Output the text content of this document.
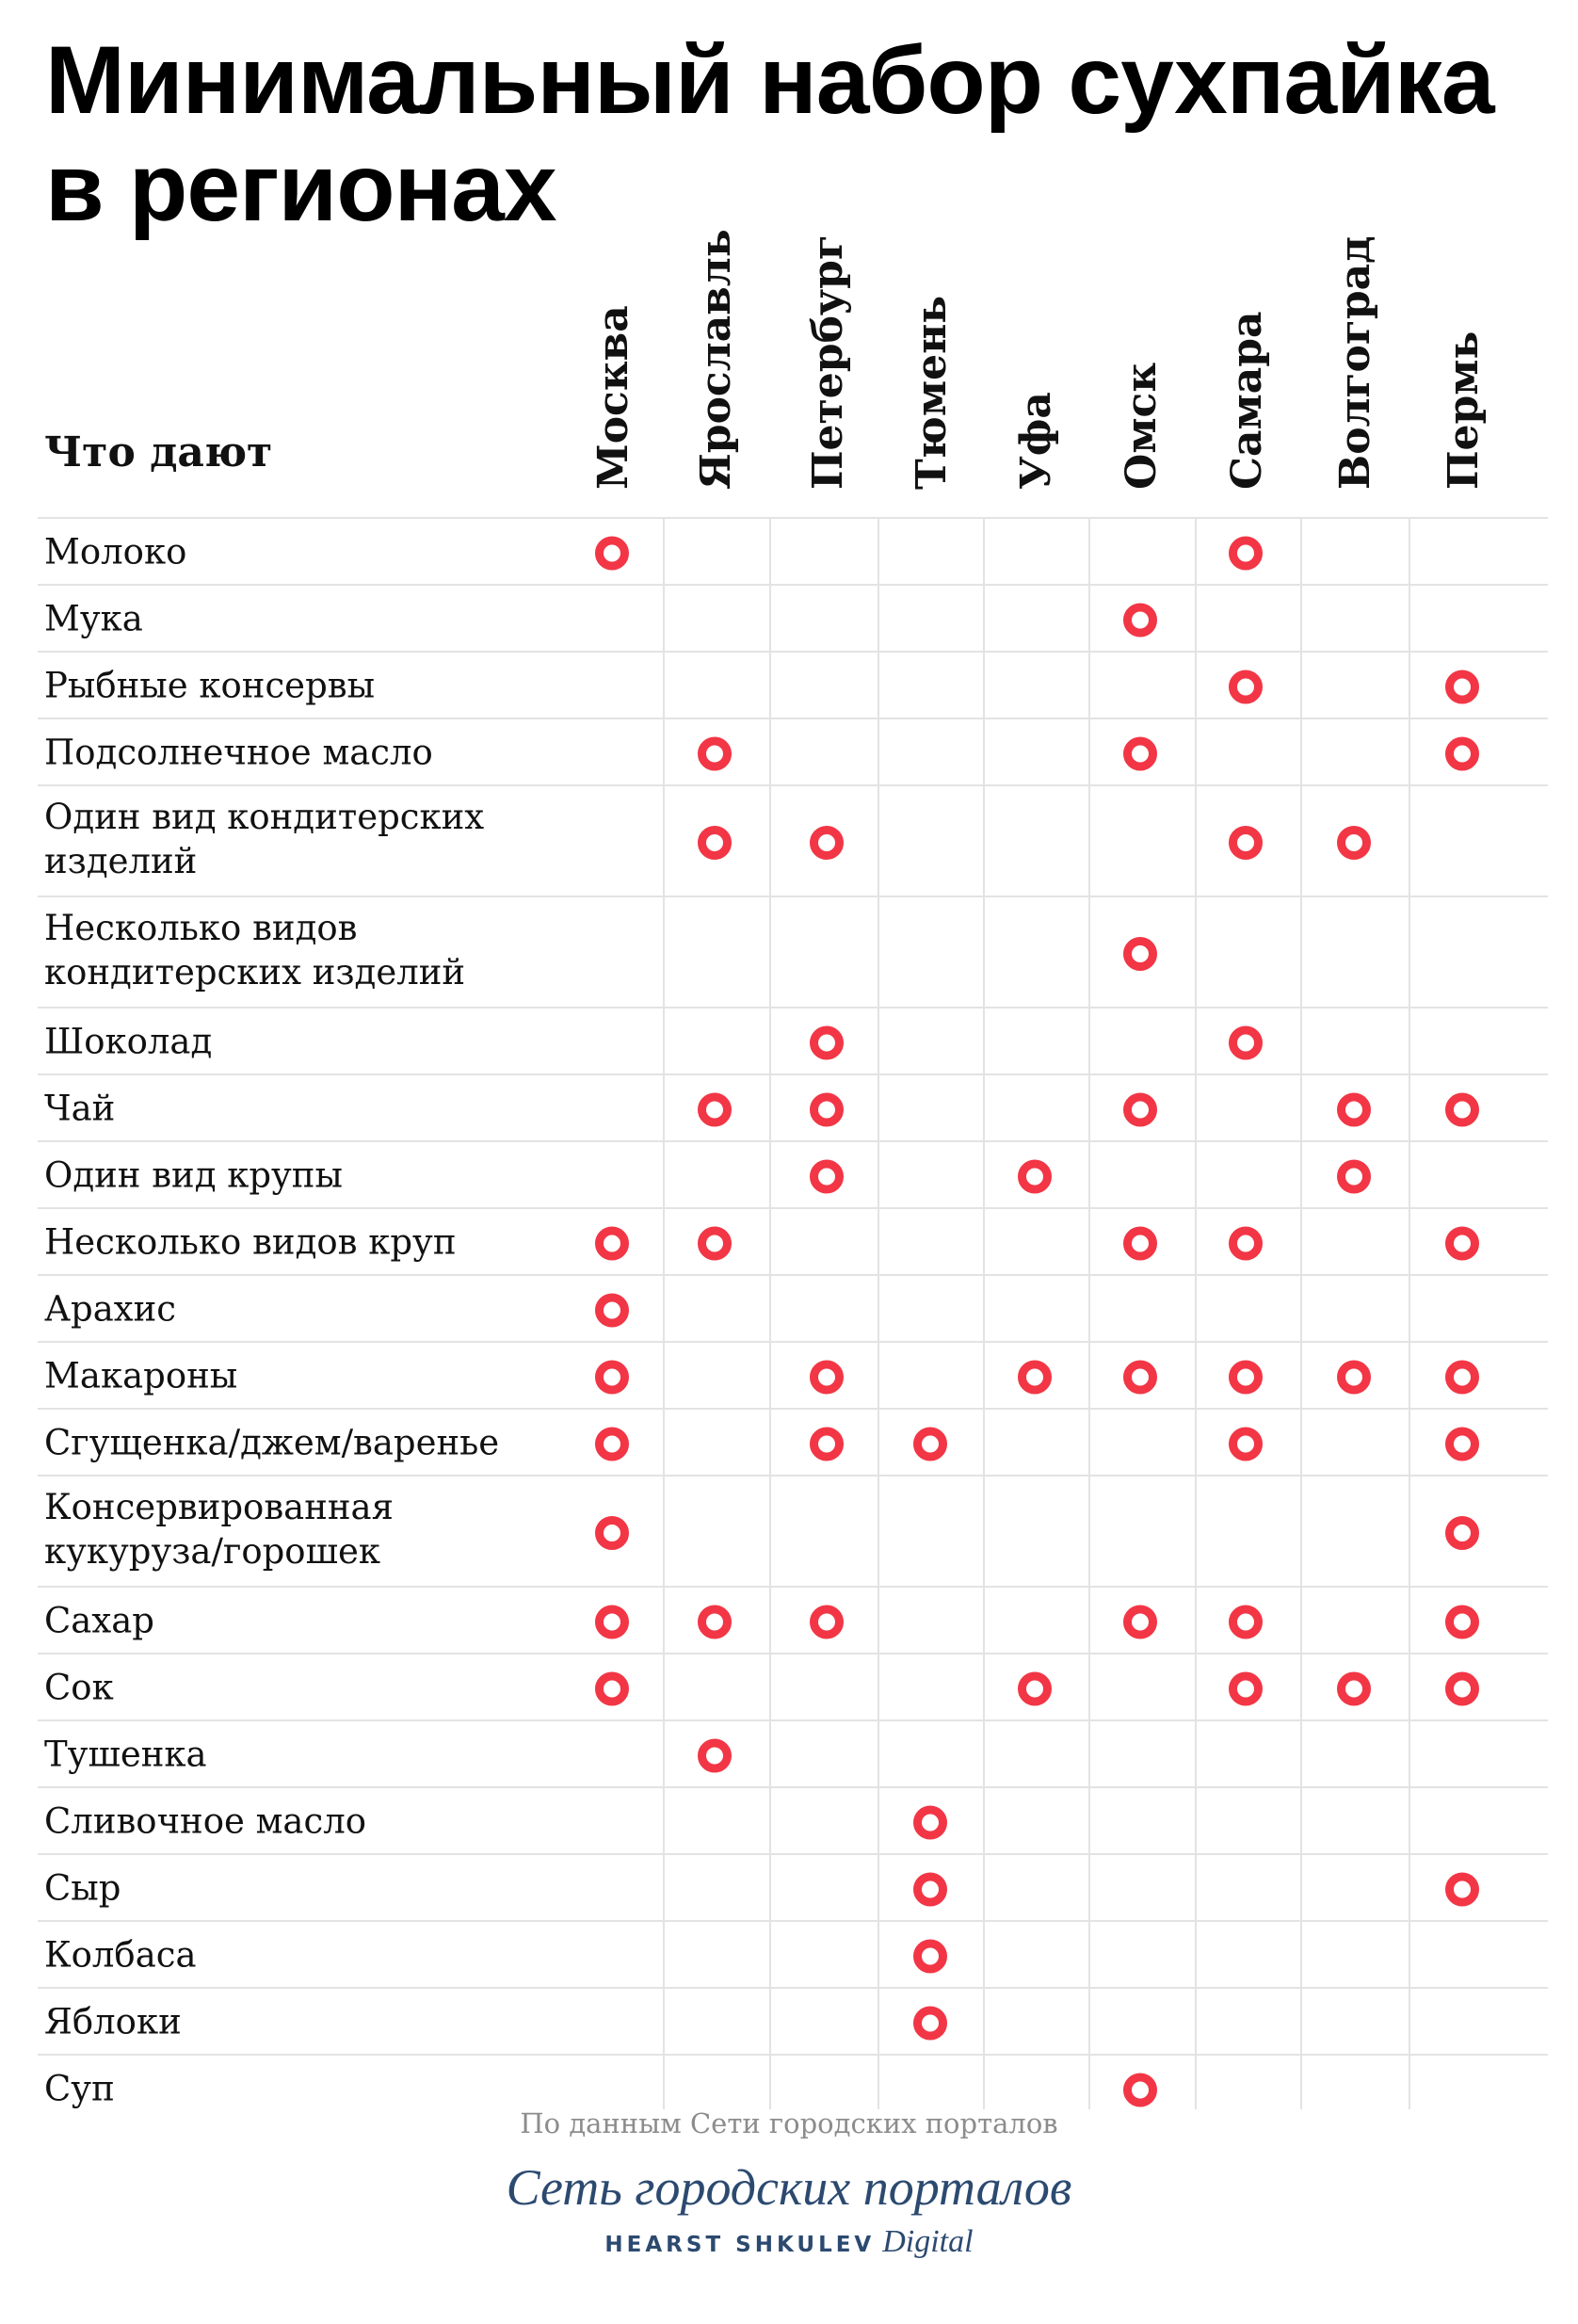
Минимальный набор сухпайка
в регионах
Что дают	Москва Ярославль Петербург Тюмень Уфа Омск Самара Волгоград Пермь
Молоко
Мука
Рыбные консервы
Подсолнечное масло
Один вид кондитерских изделий
Несколько видов кондитерских изделий
Шоколад
Чай
Один вид крупы
Несколько видов круп
Арахис
Макароны
Сгущенка/джем/варенье
Консервированная кукуруза/горошек
Сахар
Сок
Тушенка
Сливочное масло
Сыр
Колбаса
Яблоки
Суп
По данным Сети городских порталов
Сеть городских порталов
HEARST SHKULEV Digital
